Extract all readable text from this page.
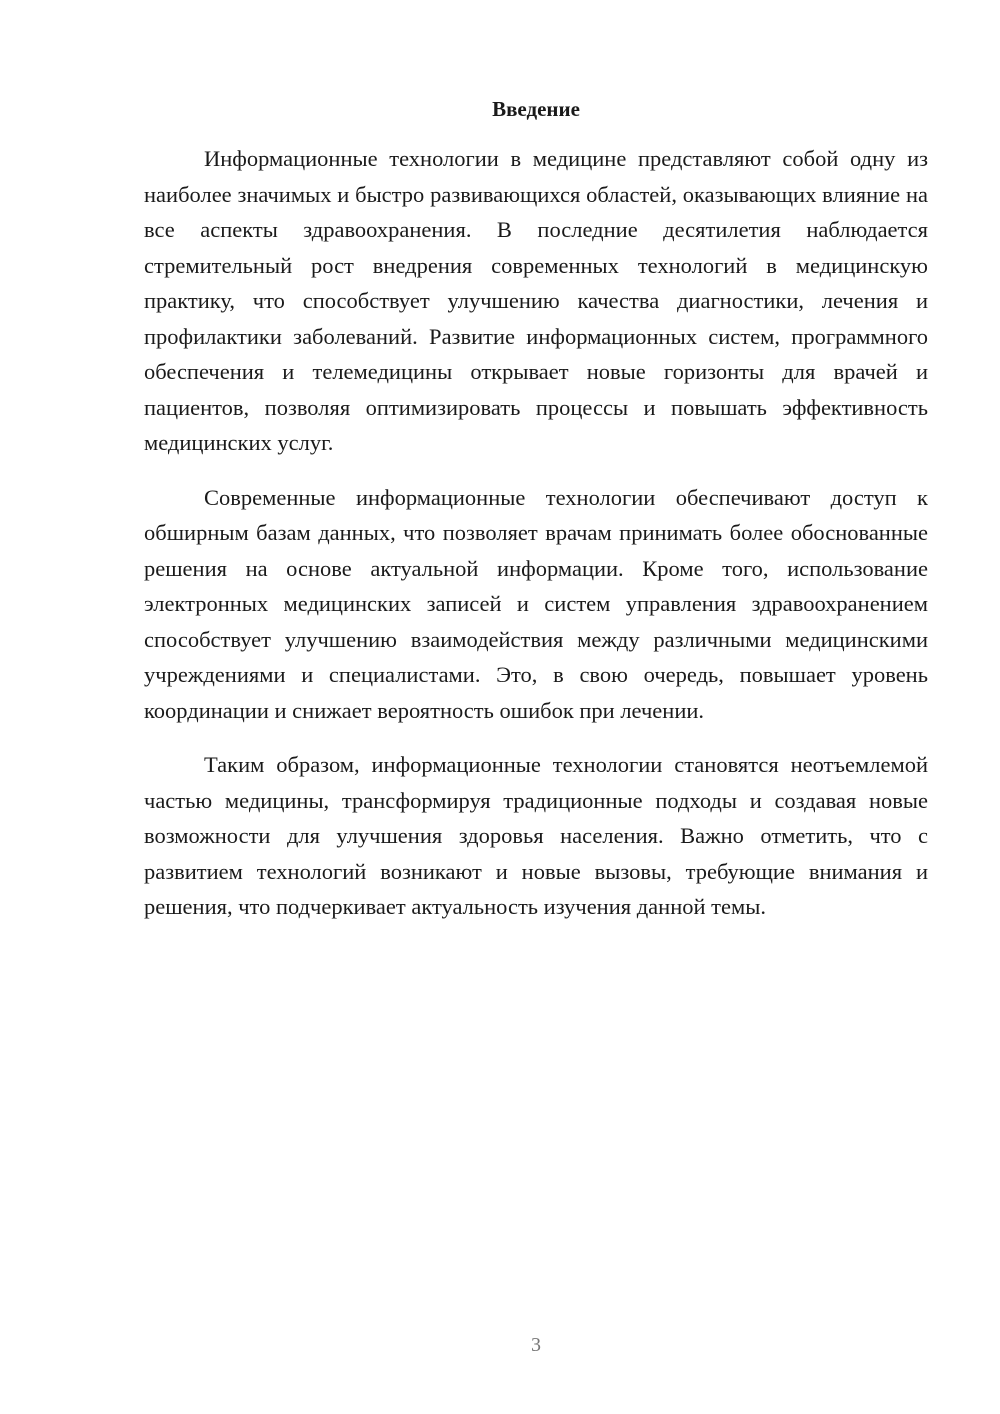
Введение

Информационные технологии в медицине представляют собой одну из наиболее значимых и быстро развивающихся областей, оказывающих влияние на все аспекты здравоохранения. В последние десятилетия наблюдается стремительный рост внедрения современных технологий в медицинскую практику, что способствует улучшению качества диагностики, лечения и профилактики заболеваний. Развитие информационных систем, программного обеспечения и телемедицины открывает новые горизонты для врачей и пациентов, позволяя оптимизировать процессы и повышать эффективность медицинских услуг.

Современные информационные технологии обеспечивают доступ к обширным базам данных, что позволяет врачам принимать более обоснованные решения на основе актуальной информации. Кроме того, использование электронных медицинских записей и систем управления здравоохранением способствует улучшению взаимодействия между различными медицинскими учреждениями и специалистами. Это, в свою очередь, повышает уровень координации и снижает вероятность ошибок при лечении.

Таким образом, информационные технологии становятся неотъемлемой частью медицины, трансформируя традиционные подходы и создавая новые возможности для улучшения здоровья населения. Важно отметить, что с развитием технологий возникают и новые вызовы, требующие внимания и решения, что подчеркивает актуальность изучения данной темы.

3
